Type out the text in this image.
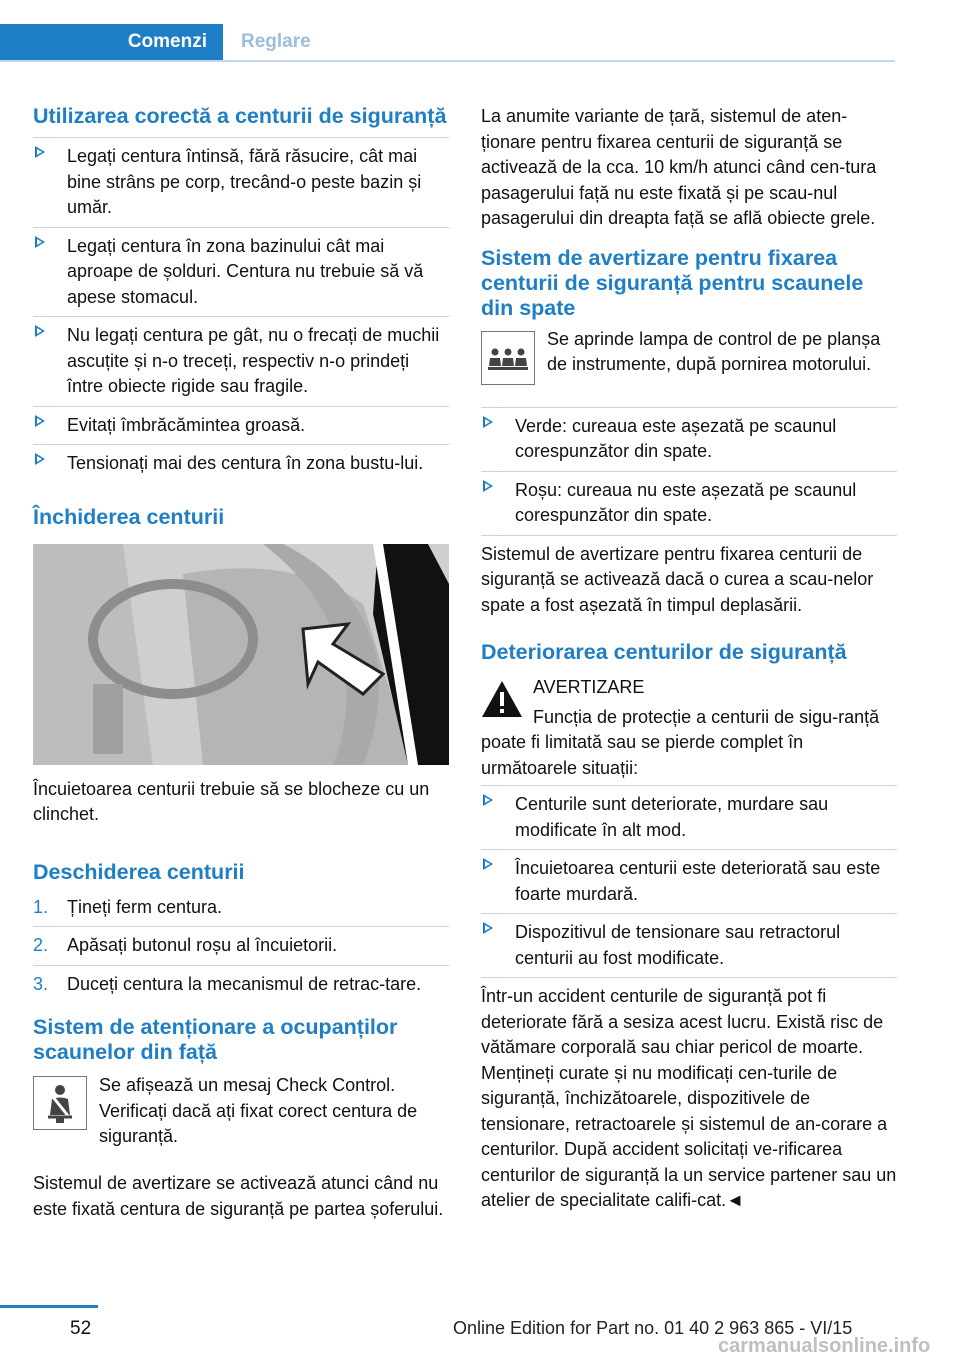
Comenzi	Reglare
Utilizarea corectă a centurii de siguranță
Legați centura întinsă, fără răsucire, cât mai bine strâns pe corp, trecând-o peste bazin și umăr.
Legați centura în zona bazinului cât mai aproape de șolduri. Centura nu trebuie să vă apese stomacul.
Nu legați centura pe gât, nu o frecați de muchii ascuțite și n-o treceți, respectiv n-o prindeți între obiecte rigide sau fragile.
Evitați îmbrăcămintea groasă.
Tensionați mai des centura în zona bustu-lui.
Închiderea centurii

Încuietoarea centurii trebuie să se blocheze cu un clinchet.

Deschiderea centurii
1. Țineți ferm centura.
2. Apăsați butonul roșu al încuietorii.
3. Duceți centura la mecanismul de retrac-tare.
Sistem de atenționare a ocupanților scaunelor din față

Se afișează un mesaj Check Control. Verificați dacă ați fixat corect centura de siguranță.

Sistemul de avertizare se activează atunci când nu este fixată centura de siguranță pe partea șoferului.

La anumite variante de țară, sistemul de aten-ționare pentru fixarea centurii de siguranță se activează de la cca. 10 km/h atunci când cen-tura pasagerului față nu este fixată și pe scau-nul pasagerului din dreapta față se află obiecte grele.

Sistem de avertizare pentru fixarea centurii de siguranță pentru scaunele din spate

Se aprinde lampa de control de pe planșa de instrumente, după pornirea motorului.

Verde: cureaua este așezată pe scaunul corespunzător din spate.
Roșu: cureaua nu este așezată pe scaunul corespunzător din spate.

Sistemul de avertizare pentru fixarea centurii de siguranță se activează dacă o curea a scau-nelor spate a fost așezată în timpul deplasării.

Deteriorarea centurilor de siguranță

AVERTIZARE

Funcția de protecție a centurii de sigu-ranță poate fi limitată sau se pierde complet în următoarele situații:

Centurile sunt deteriorate, murdare sau modificate în alt mod.
Încuietoarea centurii este deteriorată sau este foarte murdară.
Dispozitivul de tensionare sau retractorul centurii au fost modificate.

Într-un accident centurile de siguranță pot fi deteriorate fără a sesiza acest lucru. Există risc de vătămare corporală sau chiar pericol de moarte. Mențineți curate și nu modificați cen-turile de siguranță, închizătoarele, dispozitivele de tensionare, retractoarele și sistemul de an-corare a centurilor. După accident solicitați ve-rificarea centurilor de siguranță la un service partener sau un atelier de specialitate califi-cat.◄

52	Online Edition for Part no. 01 40 2 963 865 - VI/15
carmanualsonline.info
